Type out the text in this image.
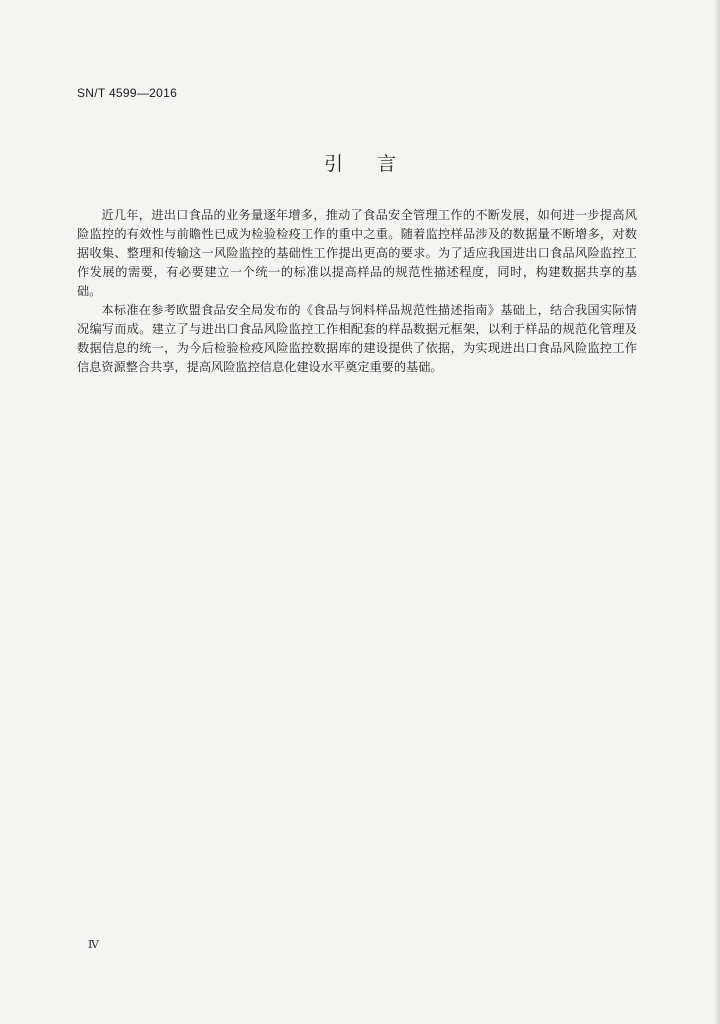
SN/T 4599—2016
引言

近几年，进出口食品的业务量逐年增多，推动了食品安全管理工作的不断发展，如何进一步提高风险监控的有效性与前瞻性已成为检验检疫工作的重中之重。随着监控样品涉及的数据量不断增多，对数据收集、整理和传输这一风险监控的基础性工作提出更高的要求。为了适应我国进出口食品风险监控工作发展的需要，有必要建立一个统一的标准以提高样品的规范性描述程度，同时，构建数据共享的基础。

本标准在参考欧盟食品安全局发布的《食品与饲料样品规范性描述指南》基础上，结合我国实际情况编写而成。建立了与进出口食品风险监控工作相配套的样品数据元框架，以利于样品的规范化管理及数据信息的统一，为今后检验检疫风险监控数据库的建设提供了依据，为实现进出口食品风险监控工作信息资源整合共享，提高风险监控信息化建设水平奠定重要的基础。

Ⅳ
